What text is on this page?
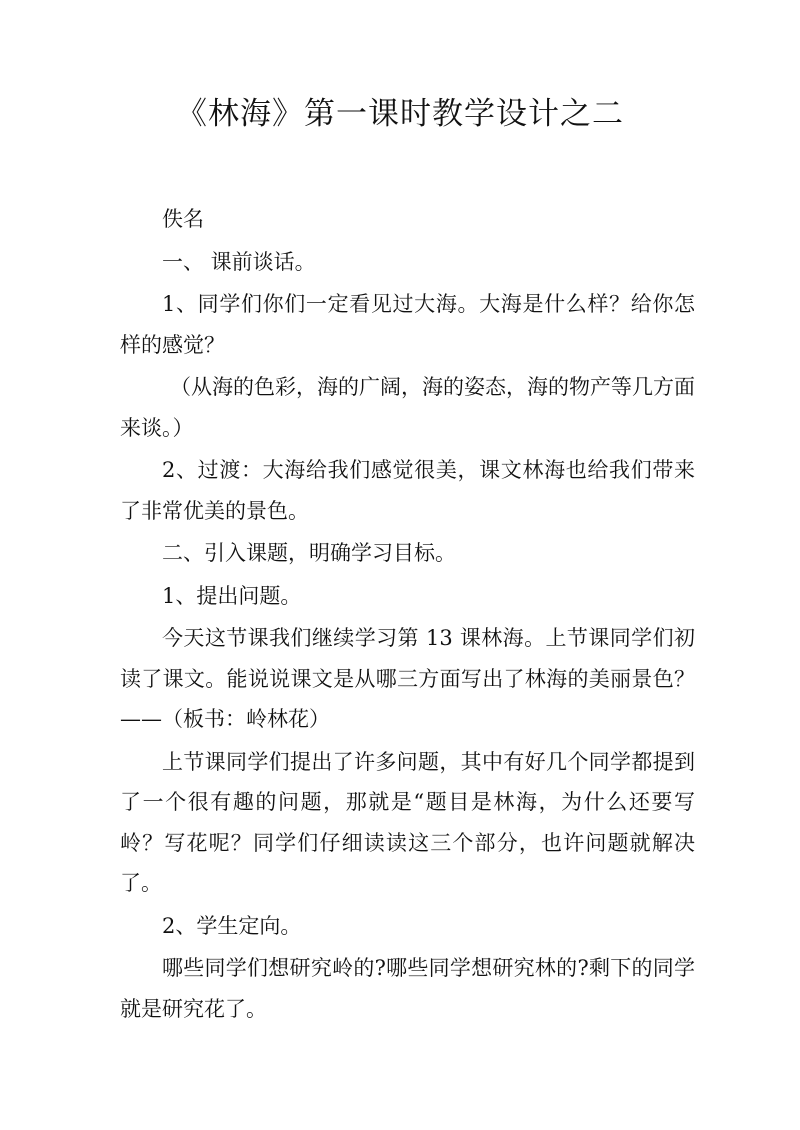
《林海》第一课时教学设计之二

佚名

一、 课前谈话。

1、同学们你们一定看见过大海。大海是什么样？给你怎样的感觉？

（从海的色彩，海的广阔，海的姿态，海的物产等几方面来谈。）

2、过渡：大海给我们感觉很美，课文林海也给我们带来了非常优美的景色。

二、引入课题，明确学习目标。

1、提出问题。

今天这节课我们继续学习第 13 课林海。上节课同学们初读了课文。能说说课文是从哪三方面写出了林海的美丽景色？——（板书：岭林花）

上节课同学们提出了许多问题，其中有好几个同学都提到了一个很有趣的问题，那就是“题目是林海，为什么还要写岭？写花呢？同学们仔细读读这三个部分，也许问题就解决了。

2、学生定向。

哪些同学们想研究岭的?哪些同学想研究林的?剩下的同学就是研究花了。
